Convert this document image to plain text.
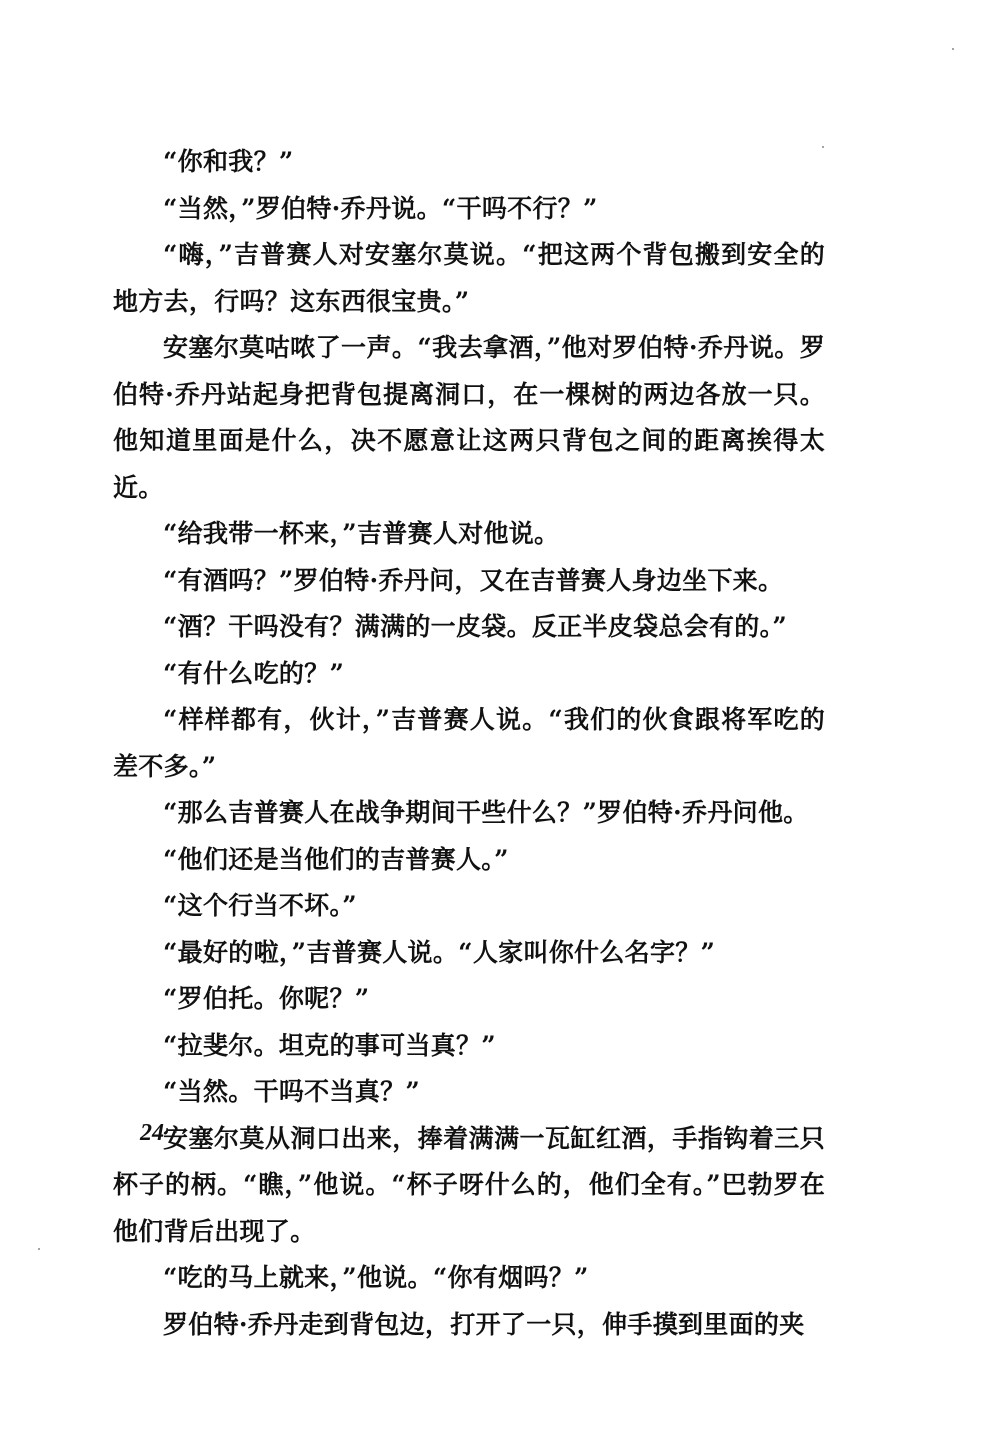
“你和我？”

“当然，”罗伯特·乔丹说。“干吗不行？”

“嗨，”吉普赛人对安塞尔莫说。“把这两个背包搬到安全的地方去，行吗？这东西很宝贵。”

安塞尔莫咕哝了一声。“我去拿酒，”他对罗伯特·乔丹说。罗伯特·乔丹站起身把背包提离洞口，在一棵树的两边各放一只。他知道里面是什么，决不愿意让这两只背包之间的距离挨得太近。

“给我带一杯来，”吉普赛人对他说。

“有酒吗？”罗伯特·乔丹问，又在吉普赛人身边坐下来。

“酒？干吗没有？满满的一皮袋。反正半皮袋总会有的。”

“有什么吃的？”

“样样都有，伙计，”吉普赛人说。“我们的伙食跟将军吃的差不多。”

“那么吉普赛人在战争期间干些什么？”罗伯特·乔丹问他。

“他们还是当他们的吉普赛人。”

“这个行当不坏。”

“最好的啦，”吉普赛人说。“人家叫你什么名字？”

“罗伯托。你呢？”

“拉斐尔。坦克的事可当真？”

“当然。干吗不当真？”

安塞尔莫从洞口出来，捧着满满一瓦缸红酒，手指钩着三只杯子的柄。“瞧，”他说。“杯子呀什么的，他们全有。”巴勃罗在他们背后出现了。

“吃的马上就来，”他说。“你有烟吗？”

罗伯特·乔丹走到背包边，打开了一只，伸手摸到里面的夹

24
